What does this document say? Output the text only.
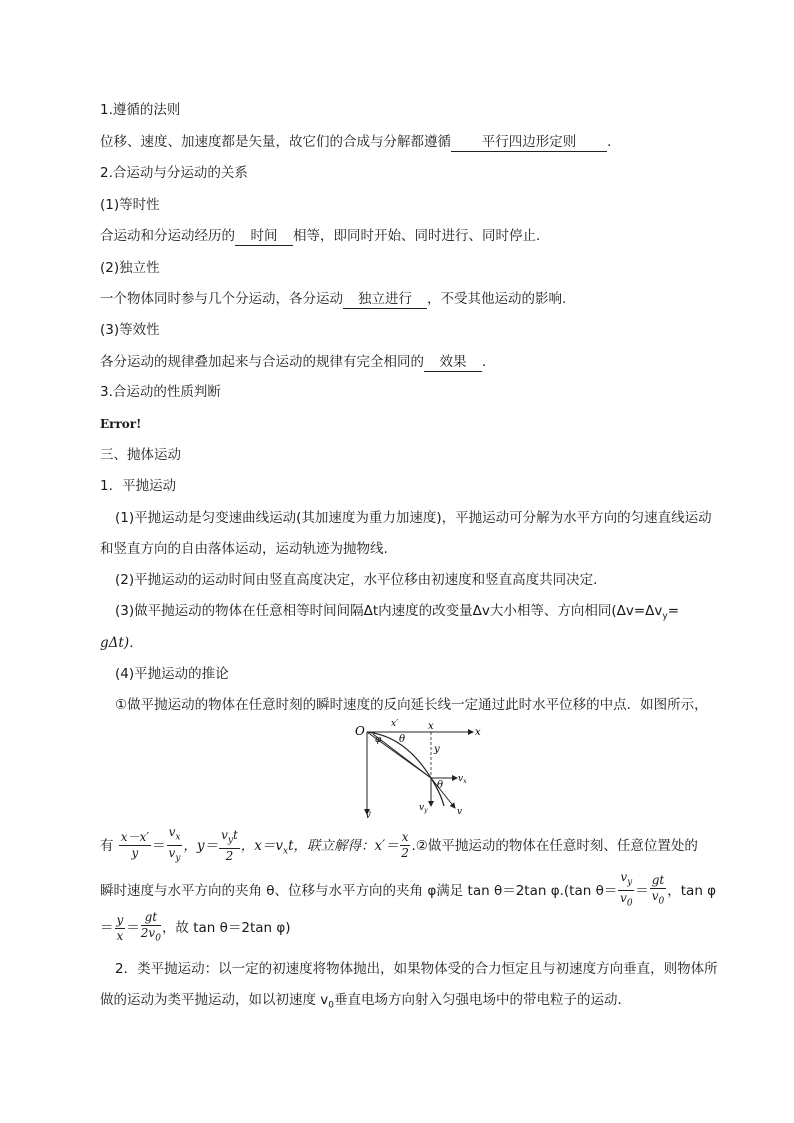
1.遵循的法则
位移、速度、加速度都是矢量，故它们的合成与分解都遵循 平行四边形定则 .
2.合运动与分运动的关系
(1)等时性
合运动和分运动经历的 时间 相等，即同时开始、同时进行、同时停止.
(2)独立性
一个物体同时参与几个分运动，各分运动 独立进行 ，不受其他运动的影响.
(3)等效性
各分运动的规律叠加起来与合运动的规律有完全相同的 效果 .
3.合运动的性质判断
Error!
三、抛体运动
1．平抛运动
(1)平抛运动是匀变速曲线运动(其加速度为重力加速度)，平抛运动可分解为水平方向的匀速直线运动
和竖直方向的自由落体运动，运动轨迹为抛物线.
(2)平抛运动的运动时间由竖直高度决定，水平位移由初速度和竖直高度共同决定．
(3)做平抛运动的物体在任意相等时间间隔Δt内速度的改变量Δv大小相等、方向相同($\Delta v=\Delta v_y=$
gΔt)．
(4)平抛运动的推论
①做平抛运动的物体在任意时刻的瞬时速度的反向延长线一定通过此时水平位移的中点．如图所示，
O	x
y
x
x′
y
θ
φ
θ
$v_x$
$v_y$	v
有 $\frac{x-x'}{y} = \frac{v_x}{v_y}$ ，$y= \frac{v_yt}{2}$ ，$x=v_xt$，联立解得：$x'= \frac{x}{2}$ .②做平抛运动的物体在任意时刻、任意位置处的
瞬时速度与水平方向的夹角 θ、位移与水平方向的夹角 φ满足 tan θ＝2tan φ.(tan $\theta= \frac{v_y}{v_0} = \frac{gt}{v_0}$ ，tan φ
＝ $\frac{y}{x} = \frac{gt}{2v_0}$ ，故 tan θ＝2tan φ)
2．类平抛运动：以一定的初速度将物体抛出，如果物体受的合力恒定且与初速度方向垂直，则物体所
做的运动为类平抛运动，如以初速度 $v_0$垂直电场方向射入匀强电场中的带电粒子的运动．
